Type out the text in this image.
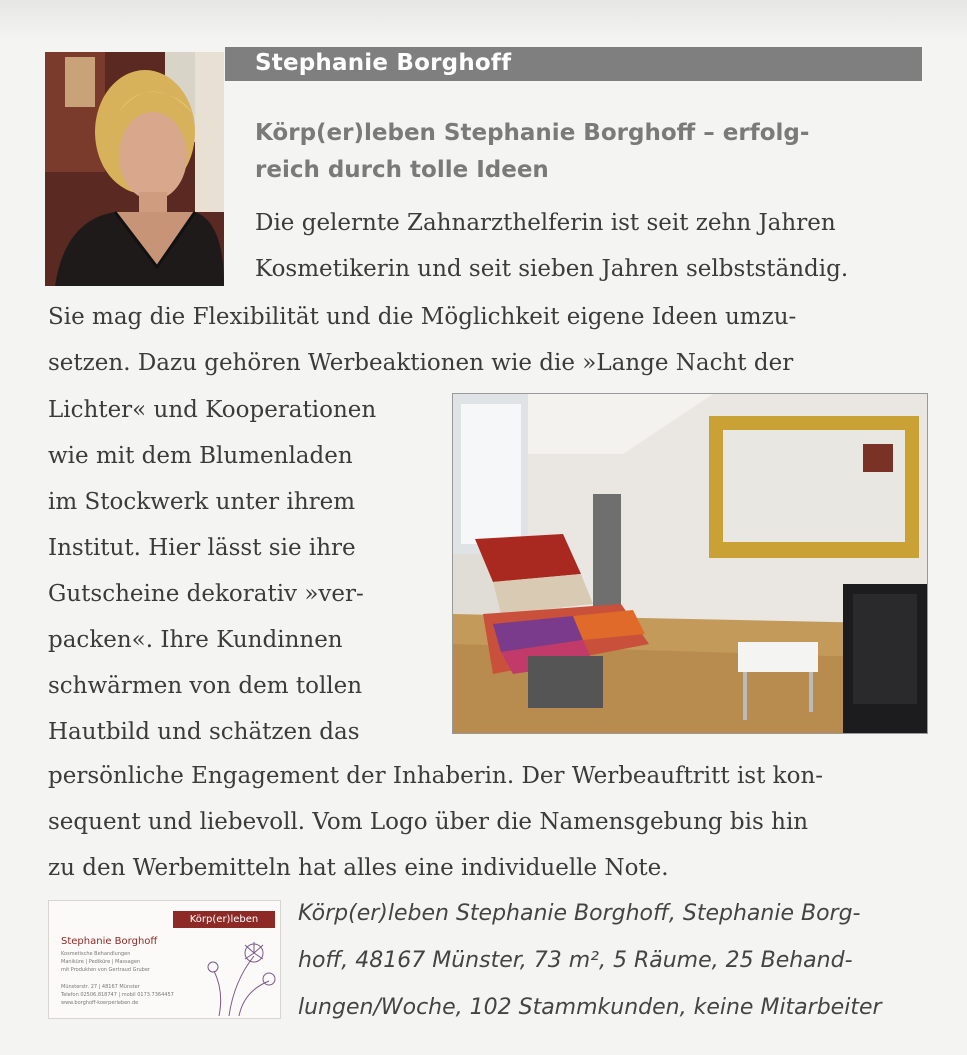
Stephanie Borghoff
Körp(er)leben Stephanie Borghoff – erfolg-
reich durch tolle Ideen
Die gelernte Zahnarzthelferin ist seit zehn Jahren
Kosmetikerin und seit sieben Jahren selbstständig.
Sie mag die Flexibilität und die Möglichkeit eigene Ideen umzu-
setzen. Dazu gehören Werbeaktionen wie die »Lange Nacht der
Lichter« und Kooperationen
wie mit dem Blumenladen
im Stockwerk unter ihrem
Institut. Hier lässt sie ihre
Gutscheine dekorativ »ver-
packen«. Ihre Kundinnen
schwärmen von dem tollen
Hautbild und schätzen das
persönliche Engagement der Inhaberin. Der Werbeauftritt ist kon-
sequent und liebevoll. Vom Logo über die Namensgebung bis hin
zu den Werbemitteln hat alles eine individuelle Note.
Körp(er)leben
Stephanie Borghoff
Kosmetische Behandlungen
Maniküre | Pediküre | Massagen
mit Produkten von Gertraud Gruber
Münsterstr. 27 | 48167 Münster
Telefon 02506.818747 | mobil 0173.7364457
www.borghoff-koerperleben.de
Körp(er)leben Stephanie Borghoff, Stephanie Borg-
hoff, 48167 Münster, 73 m², 5 Räume, 25 Behand-
lungen/Woche, 102 Stammkunden, keine Mitarbeiter
